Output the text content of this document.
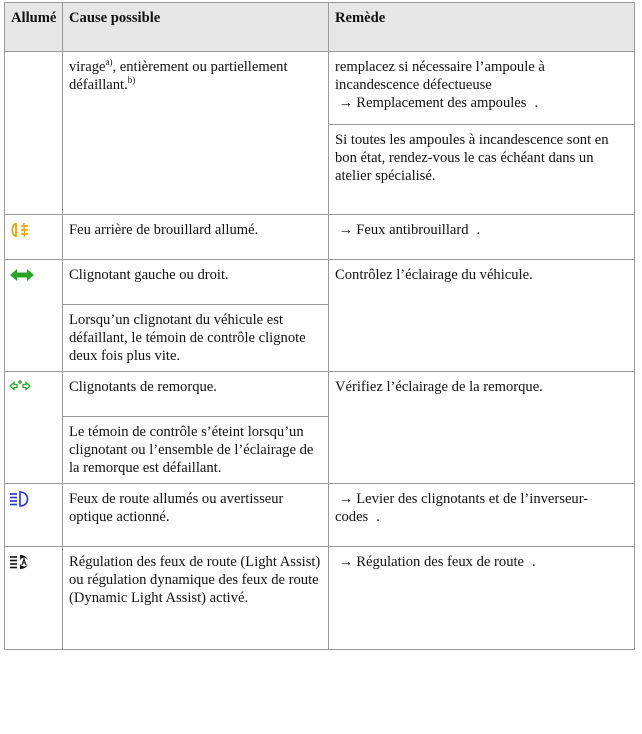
Allumé	Cause possible	Remède
	virage$^{a)}$, entièrement ou partiellement défaillant.$^{b)}$	remplacez si nécessaire l’ampoule à incandescence défectueuse
→ Remplacement des ampoules .
		Si toutes les ampoules à incandescence sont en bon état, rendez-vous le cas échéant dans un atelier spécialisé.

	Feu arrière de brouillard allumé.	→ Feux antibrouillard .

	Clignotant gauche ou droit.	Contrôlez l’éclairage du véhicule.
	Lorsqu’un clignotant du véhicule est défaillant, le témoin de contrôle clignote deux fois plus vite.	

	Clignotants de remorque.	Vérifiez l’éclairage de la remorque.
	Le témoin de contrôle s’éteint lorsqu’un clignotant ou l’ensemble de l’éclairage de la remorque est défaillant.	

	Feux de route allumés ou avertisseur optique actionné.	→ Levier des clignotants et de l’inverseur-codes .

	Régulation des feux de route (Light Assist) ou régulation dynamique des feux de route (Dynamic Light Assist) activé.	→ Régulation des feux de route .
